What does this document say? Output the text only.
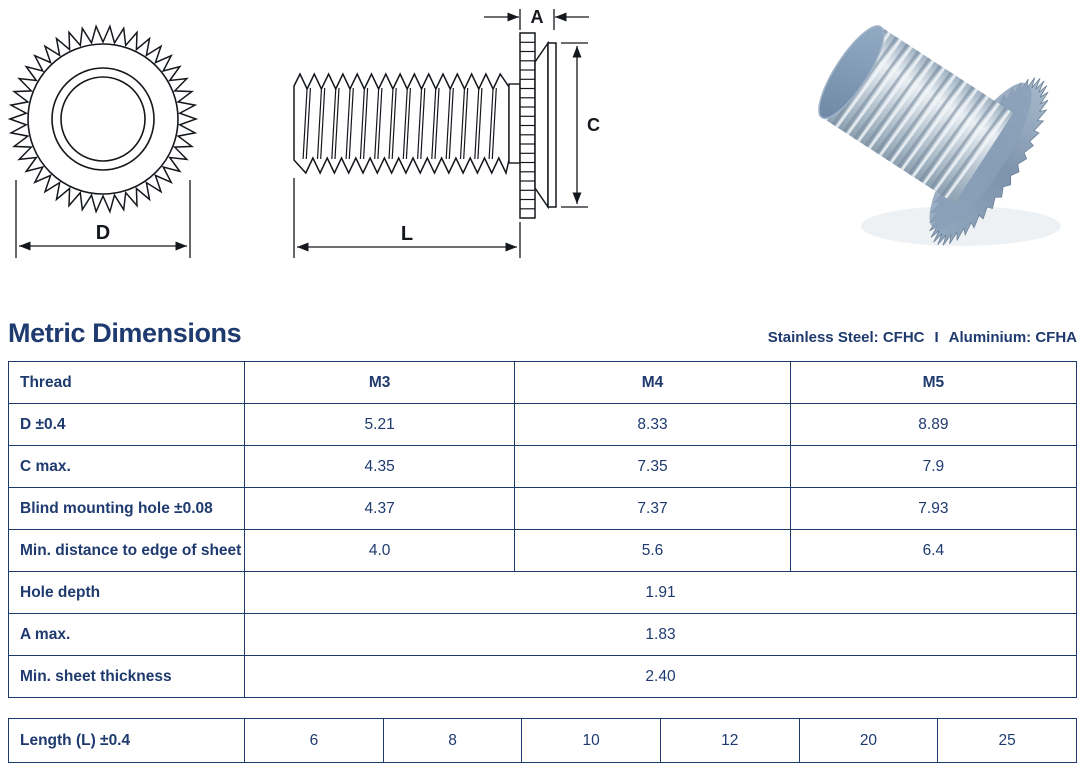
D
A
C
L
Metric Dimensions	Stainless Steel: CFHC I Aluminium: CFHA
Thread	M3	M4	M5
D ±0.4	5.21	8.33	8.89
C max.	4.35	7.35	7.9
Blind mounting hole ±0.08	4.37	7.37	7.93
Min. distance to edge of sheet	4.0	5.6	6.4
Hole depth	1.91		
A max.	1.83		
Min. sheet thickness	2.40		
Length (L) ±0.4	6	8	10	12	20	25
